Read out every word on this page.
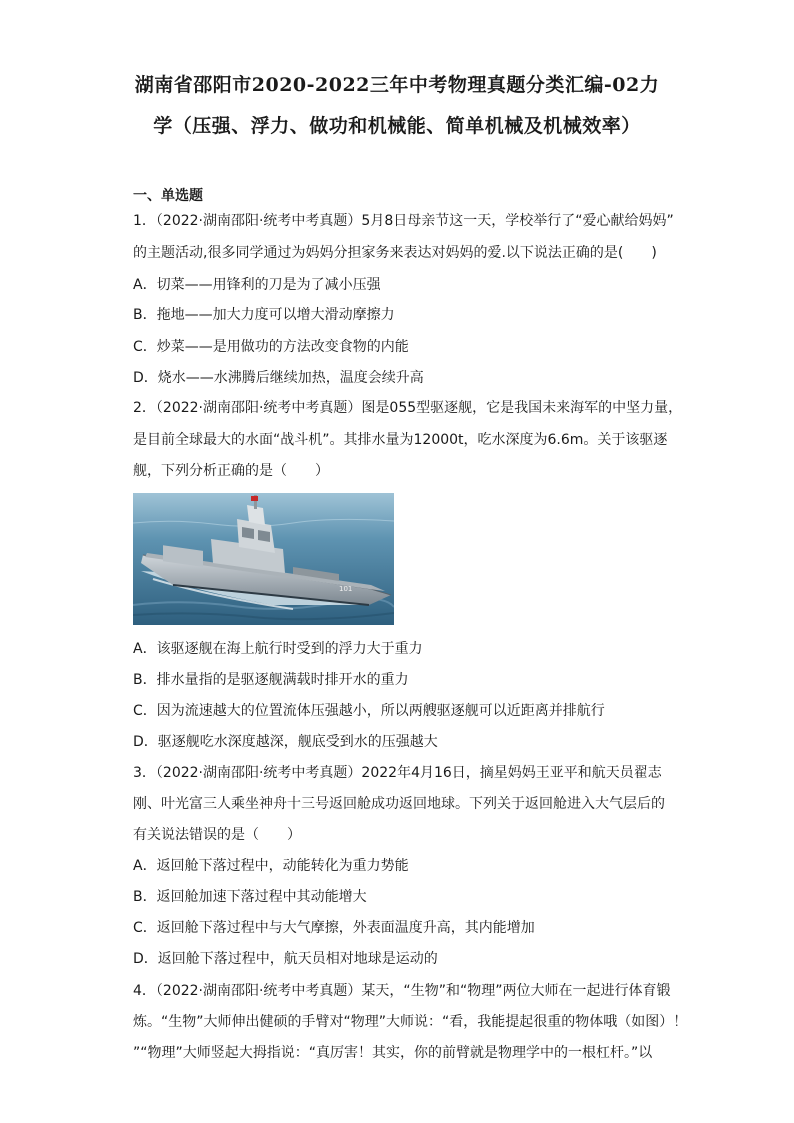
湖南省邵阳市2020-2022三年中考物理真题分类汇编-02力
学（压强、浮力、做功和机械能、简单机械及机械效率）
一、单选题
1．（2022·湖南邵阳·统考中考真题）5月8日母亲节这一天，学校举行了“爱心献给妈妈”
的主题活动,很多同学通过为妈妈分担家务来表达对妈妈的爱.以下说法正确的是(　　)
A．切菜——用锋利的刀是为了减小压强
B．拖地——加大力度可以增大滑动摩擦力
C．炒菜——是用做功的方法改变食物的内能
D．烧水——水沸腾后继续加热，温度会续升高
2．（2022·湖南邵阳·统考中考真题）图是055型驱逐舰，它是我国未来海军的中坚力量，
是目前全球最大的水面“战斗机”。其排水量为12000t，吃水深度为6.6m。关于该驱逐
舰，下列分析正确的是（　　）
101
A．该驱逐舰在海上航行时受到的浮力大于重力
B．排水量指的是驱逐舰满载时排开水的重力
C．因为流速越大的位置流体压强越小，所以两艘驱逐舰可以近距离并排航行
D．驱逐舰吃水深度越深，舰底受到水的压强越大
3．（2022·湖南邵阳·统考中考真题）2022年4月16日，摘星妈妈王亚平和航天员翟志
刚、叶光富三人乘坐神舟十三号返回舱成功返回地球。下列关于返回舱进入大气层后的
有关说法错误的是（　　）
A．返回舱下落过程中，动能转化为重力势能
B．返回舱加速下落过程中其动能增大
C．返回舱下落过程中与大气摩擦，外表面温度升高，其内能增加
D．返回舱下落过程中，航天员相对地球是运动的
4．（2022·湖南邵阳·统考中考真题）某天，“生物”和“物理”两位大师在一起进行体育锻
炼。“生物”大师伸出健硕的手臂对“物理”大师说：“看，我能提起很重的物体哦（如图）！
”“物理”大师竖起大拇指说：“真厉害！其实，你的前臂就是物理学中的一根杠杆。”以
